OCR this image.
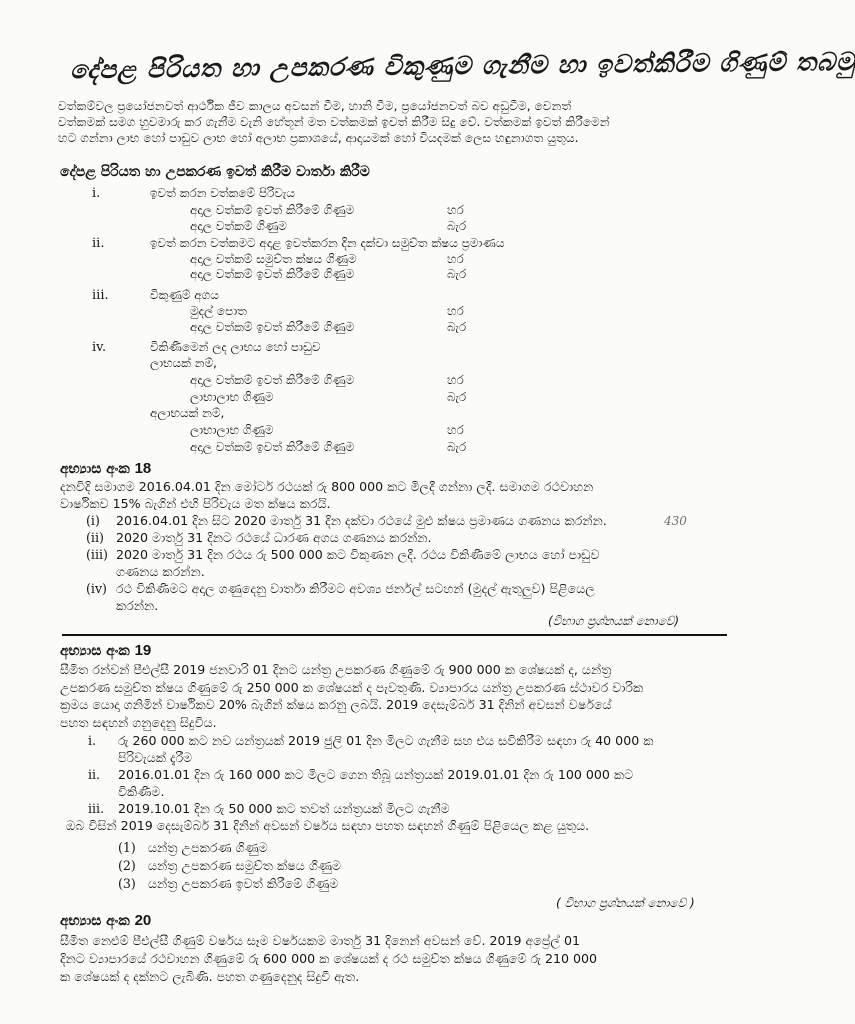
දේපළ පිරියත හා උපකරණ විකුණුම ගැනීම හා ඉවත්කිරීම ගිණුම් තබමු
වත්කම්වල ප්‍රයෝජනවත් ආර්ථික ජීව කාලය අවසන් වීම, හානි වීම, ප්‍රයෝජනවත් බව අඩුවීම, වෙනත්
වත්කමක් සමග හුවමාරු කර ගැනීම වැනි හේතූන් මත වත්කමක් ඉවත් කිරීම සිදු වේ. වත්කමක් ඉවත් කිරීමෙන්
හට ගන්නා ලාභ හෝ පාඩුව ලාභ හෝ අලාභ ප්‍රකාශයේ, ආදායමක් හෝ වියදමක් ලෙස හඳුනාගත යුතුය.
දේපළ පිරියත හා උපකරණ ඉවත් කිරීම වාර්තා කිරීම
i.	ඉවත් කරන වත්කමේ පිරිවැය
අදාල වත්කම් ඉවත් කිරීමේ ගිණුම	හර
අදාල වත්කම් ගිණුම	බැර
ii.	ඉවත් කරන වත්කමට අදාළ ඉවත්කරන දින දක්වා සමුච්ත ක්ෂය ප්‍රමාණය
අදාල වත්කම් සමුච්ත ක්ෂය ගිණුම	හර
අදාල වත්කම් ඉවත් කිරීමේ ගිණුම	බැර
iii.	විකුණුම් අගය
මුදල් පොත	හර
අදාල වත්කම් ඉවත් කිරීමේ ගිණුම	බැර
iv.	විකිණීමෙන් ලද ලාභය හෝ පාඩුව
ලාභයක් නම්,
අදාල වත්කම් ඉවත් කිරීමේ ගිණුම	හර
ලාභාලාභ ගිණුම	බැර
අලාභයක් නම්,
ලාභාලාභ ගිණුම	හර
අදාල වත්කම් ඉවත් කිරීමේ ගිණුම	බැර
අභ්‍යාස අංක 18
දනවිදි සමාගම 2016.04.01 දින මෝටර් රථයක් රු 800 000 කට මිලදී ගන්නා ලදී. සමාගම රථවාහන
වාර්ෂිකව 15% බැගින් එහි පිරිවැය මත ක්ෂය කරයි.
(i) 2016.04.01 දින සිට 2020 මාර්තු 31 දින දක්වා රථයේ මුළු ක්ෂය ප්‍රමාණය ගණනය කරන්න.
(ii) 2020 මාර්තු 31 දිනට රථයේ ධාරණ අගය ගණනය කරන්න.
(iii) 2020 මාර්තු 31 දින රථය රු 500 000 කට විකුණන ලදී. රථය විකිණීමේ ලාභය හෝ පාඩුව
ගණනය කරන්න.
(iv) රථ විකිණීමට අදාල ගණුදෙනු වාර්තා කිරීමට අවශ්‍ය ජර්නල් සටහන් (මුදල් ඇතුලුව) පිළියෙල
කරන්න.
430
(විභාග ප්‍රශ්නයක් නොවේ)
අභ්‍යාස අංක 19
සීමිත රන්වන් පීඑල්සී 2019 ජනවාරි 01 දිනට යන්ත්‍ර උපකරණ ගිණුමේ රු 900 000 ක ශේෂයක් ද, යන්ත්‍ර
උපකරණ සමුච්ත ක්ෂය ගිණුමේ රු 250 000 ක ශේෂයක් ද පැවතුණි. ව්‍යාපාරය යන්ත්‍ර උපකරණ ස්ථාවර වාරික
ක්‍රමය යොදා ගනිමින් වාර්ෂිකව 20% බැගින් ක්ෂය කරනු ලබයි. 2019 දෙසැම්බර් 31 දිනින් අවසන් වර්ෂයේ
පහත සඳහන් ගනුදෙනු සිදුවිය.
i. රු 260 000 කට නව යන්ත්‍රයක් 2019 ජුලි 01 දින මිලට ගැනීම සහ එය සවිකිරීම සඳහා රු 40 000 ක
පිරිවැයක් දැරීම
ii. 2016.01.01 දින රු 160 000 කට මිලට ගෙන තිබූ යන්ත්‍රයක් 2019.01.01 දින රු 100 000 කට
විකිණීම.
iii. 2019.10.01 දින රු 50 000 කට තවත් යන්ත්‍රයක් මිලට ගැනීම
ඔබ විසින් 2019 දෙසැම්බර් 31 දිනින් අවසන් වර්ෂය සඳහා පහත සඳහන් ගිණුම් පිළියෙල කළ යුතුය.
(1) යන්ත්‍ර උපකරණ ගිණුම
(2) යන්ත්‍ර උපකරණ සමුච්ත ක්ෂය ගිණුම
(3) යන්ත්‍ර උපකරණ ඉවත් කිරීමේ ගිණුම
( විභාග ප්‍රශ්නයක් නොවේ )
අභ්‍යාස අංක 20
සීමිත නෙළුම් පීඑල්සී ගිණුම් වර්ෂය සෑම වර්ෂයකම මාර්තු 31 දිනෙන් අවසන් වේ. 2019 අප්‍රේල් 01
දිනට ව්‍යාපාරයේ රථවාහන ගිණුමේ රු 600 000 ක ශේෂයක් ද රථ සමුච්ත ක්ෂය ගිණුමේ රු 210 000
ක ශේෂයක් ද දක්නට ලැබිණි. පහත ගණුදෙනුද සිදුවී ඇත.
